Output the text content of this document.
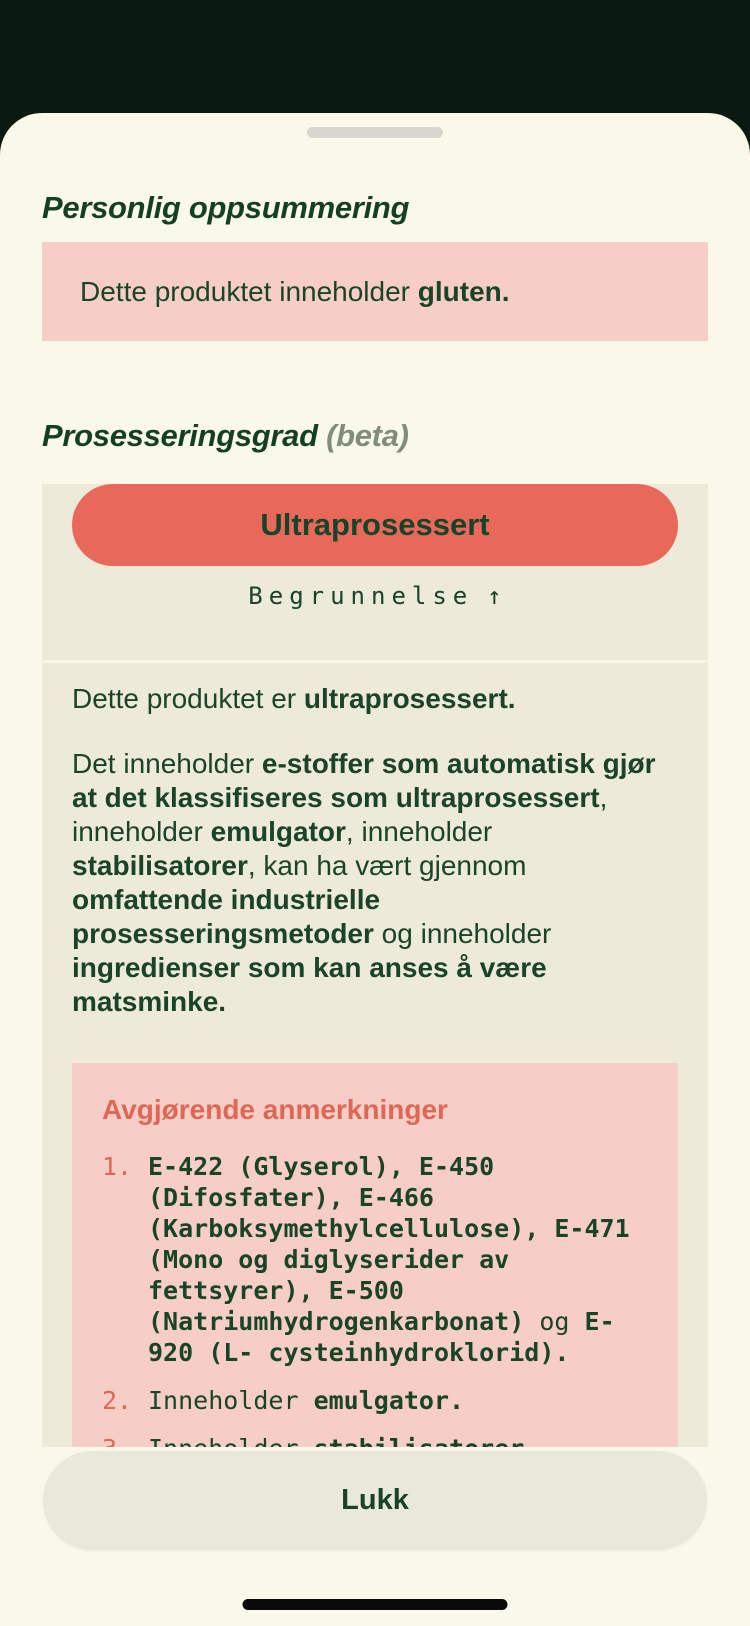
Personlig oppsummering

Dette produktet inneholder gluten.

Prosesseringsgrad (beta)
Ultraprosessert
Begrunnelse ↑

Dette produktet er ultraprosessert.

Det inneholder e-stoffer som automatisk gjør at det klassifiseres som ultraprosessert, inneholder emulgator, inneholder stabilisatorer, kan ha vært gjennom omfattende industrielle prosesseringsmetoder og inneholder ingredienser som kan anses å være matsminke.

Avgjørende anmerkninger
1. E-422 (Glyserol), E-450 (Difosfater), E-466 (Karboksymethylcellulose), E-471 (Mono og diglyserider av fettsyrer), E-500 (Natriumhydrogenkarbonat) og E-920 (L- cysteinhydroklorid).
2. Inneholder emulgator.
Lukk
